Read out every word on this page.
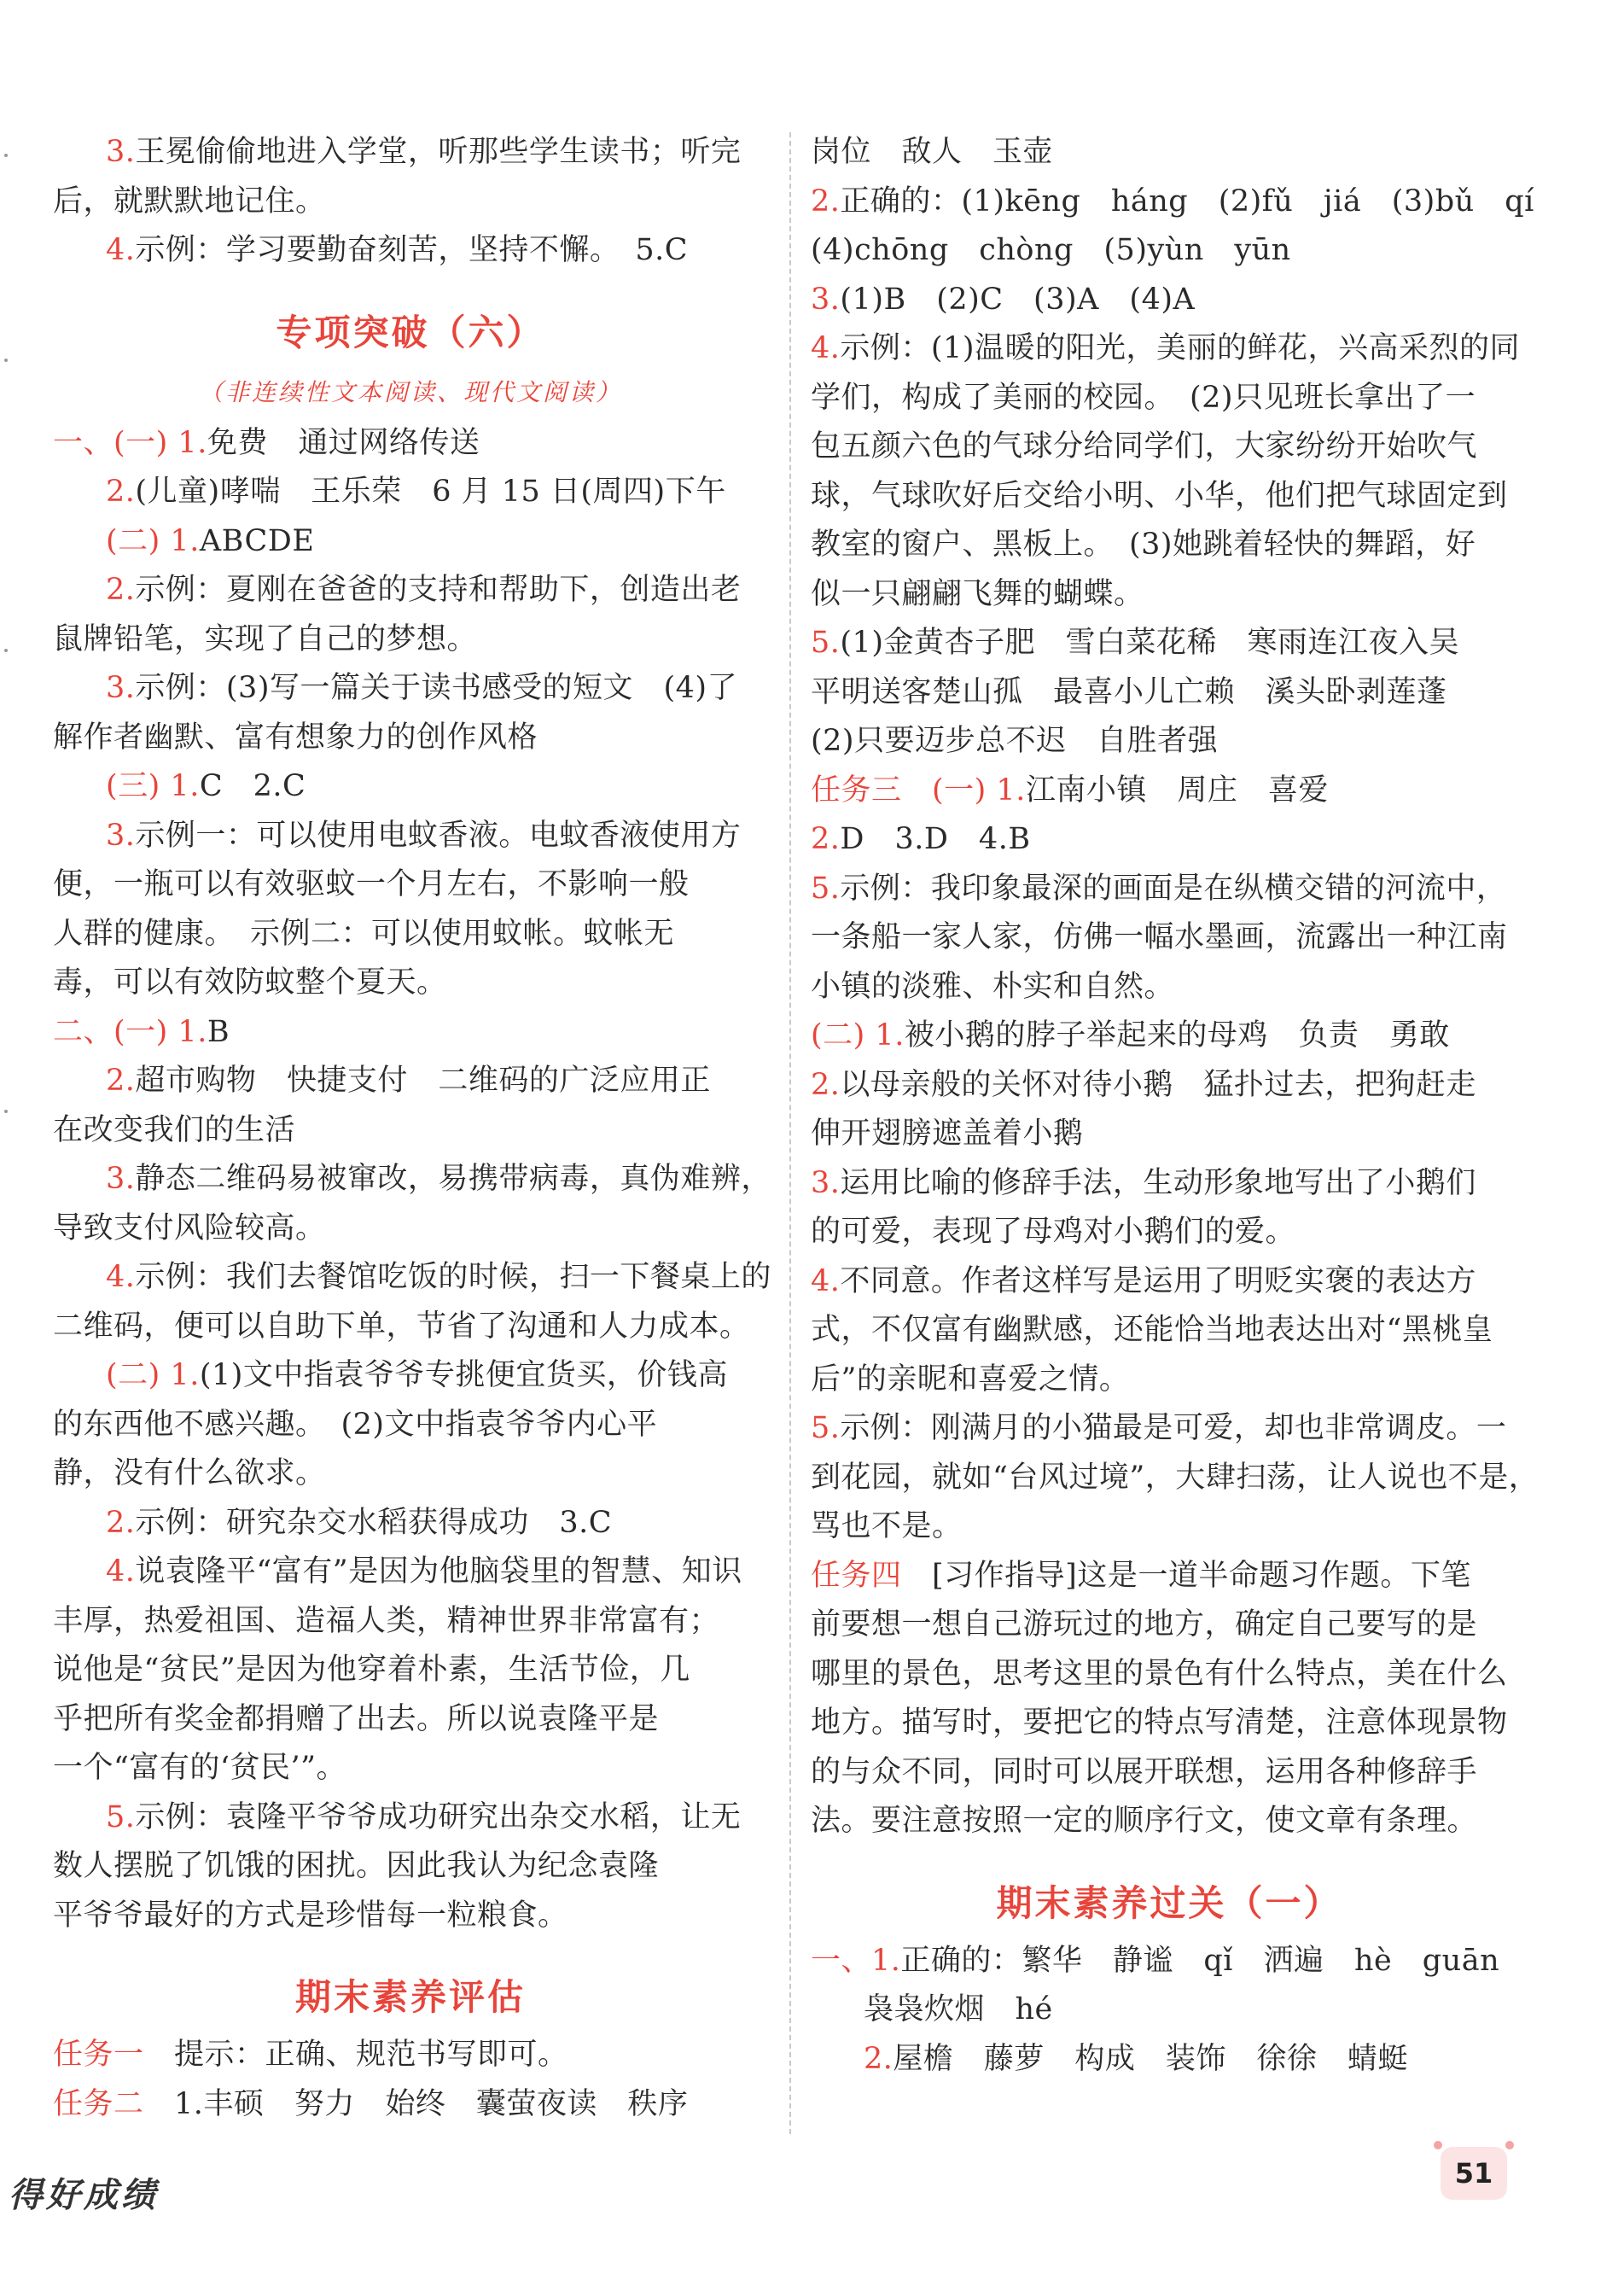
3.王冕偷偷地进入学堂，听那些学生读书；听完
后，就默默地记住。
4.示例：学习要勤奋刻苦，坚持不懈。　5.C
专项突破（六）
（非连续性文本阅读、现代文阅读）
一、(一) 1.免费　通过网络传送
2.(儿童)哮喘　王乐荣　6 月 15 日(周四)下午
(二) 1.ABCDE
2.示例：夏刚在爸爸的支持和帮助下，创造出老
鼠牌铅笔，实现了自己的梦想。
3.示例：(3)写一篇关于读书感受的短文　(4)了
解作者幽默、富有想象力的创作风格
(三) 1.C　2.C
3.示例一：可以使用电蚊香液。电蚊香液使用方
便，一瓶可以有效驱蚊一个月左右，不影响一般
人群的健康。　示例二：可以使用蚊帐。蚊帐无
毒，可以有效防蚊整个夏天。
二、(一) 1.B
2.超市购物　快捷支付　二维码的广泛应用正
在改变我们的生活
3.静态二维码易被窜改，易携带病毒，真伪难辨，
导致支付风险较高。
4.示例：我们去餐馆吃饭的时候，扫一下餐桌上的
二维码，便可以自助下单，节省了沟通和人力成本。
(二) 1.(1)文中指袁爷爷专挑便宜货买，价钱高
的东西他不感兴趣。　(2)文中指袁爷爷内心平
静，没有什么欲求。
2.示例：研究杂交水稻获得成功　3.C
4.说袁隆平“富有”是因为他脑袋里的智慧、知识
丰厚，热爱祖国、造福人类，精神世界非常富有；
说他是“贫民”是因为他穿着朴素，生活节俭，几
乎把所有奖金都捐赠了出去。所以说袁隆平是
一个“富有的‘贫民’”。
5.示例：袁隆平爷爷成功研究出杂交水稻，让无
数人摆脱了饥饿的困扰。因此我认为纪念袁隆
平爷爷最好的方式是珍惜每一粒粮食。
期末素养评估
任务一　提示：正确、规范书写即可。
任务二　1.丰硕　努力　始终　囊萤夜读　秩序
岗位　敌人　玉壶
2.正确的：(1)kēng　háng　(2)fǔ　jiá　(3)bǔ　qí
(4)chōng　chòng　(5)yùn　yūn
3.(1)B　(2)C　(3)A　(4)A
4.示例：(1)温暖的阳光，美丽的鲜花，兴高采烈的同
学们，构成了美丽的校园。　(2)只见班长拿出了一
包五颜六色的气球分给同学们，大家纷纷开始吹气
球，气球吹好后交给小明、小华，他们把气球固定到
教室的窗户、黑板上。　(3)她跳着轻快的舞蹈，好
似一只翩翩飞舞的蝴蝶。
5.(1)金黄杏子肥　雪白菜花稀　寒雨连江夜入吴
平明送客楚山孤　最喜小儿亡赖　溪头卧剥莲蓬
(2)只要迈步总不迟　自胜者强
任务三　(一) 1.江南小镇　周庄　喜爱
2.D　3.D　4.B
5.示例：我印象最深的画面是在纵横交错的河流中，
一条船一家人家，仿佛一幅水墨画，流露出一种江南
小镇的淡雅、朴实和自然。
(二) 1.被小鹅的脖子举起来的母鸡　负责　勇敢
2.以母亲般的关怀对待小鹅　猛扑过去，把狗赶走
伸开翅膀遮盖着小鹅
3.运用比喻的修辞手法，生动形象地写出了小鹅们
的可爱，表现了母鸡对小鹅们的爱。
4.不同意。作者这样写是运用了明贬实褒的表达方
式，不仅富有幽默感，还能恰当地表达出对“黑桃皇
后”的亲昵和喜爱之情。
5.示例：刚满月的小猫最是可爱，却也非常调皮。一
到花园，就如“台风过境”，大肆扫荡，让人说也不是，
骂也不是。
任务四　[习作指导]这是一道半命题习作题。下笔
前要想一想自己游玩过的地方，确定自己要写的是
哪里的景色，思考这里的景色有什么特点，美在什么
地方。描写时，要把它的特点写清楚，注意体现景物
的与众不同，同时可以展开联想，运用各种修辞手
法。要注意按照一定的顺序行文，使文章有条理。
期末素养过关（一）
一、1.正确的：繁华　静谧　qǐ　洒遍　hè　guān
袅袅炊烟　hé
2.屋檐　藤萝　构成　装饰　徐徐　蜻蜓
得好成绩
51
